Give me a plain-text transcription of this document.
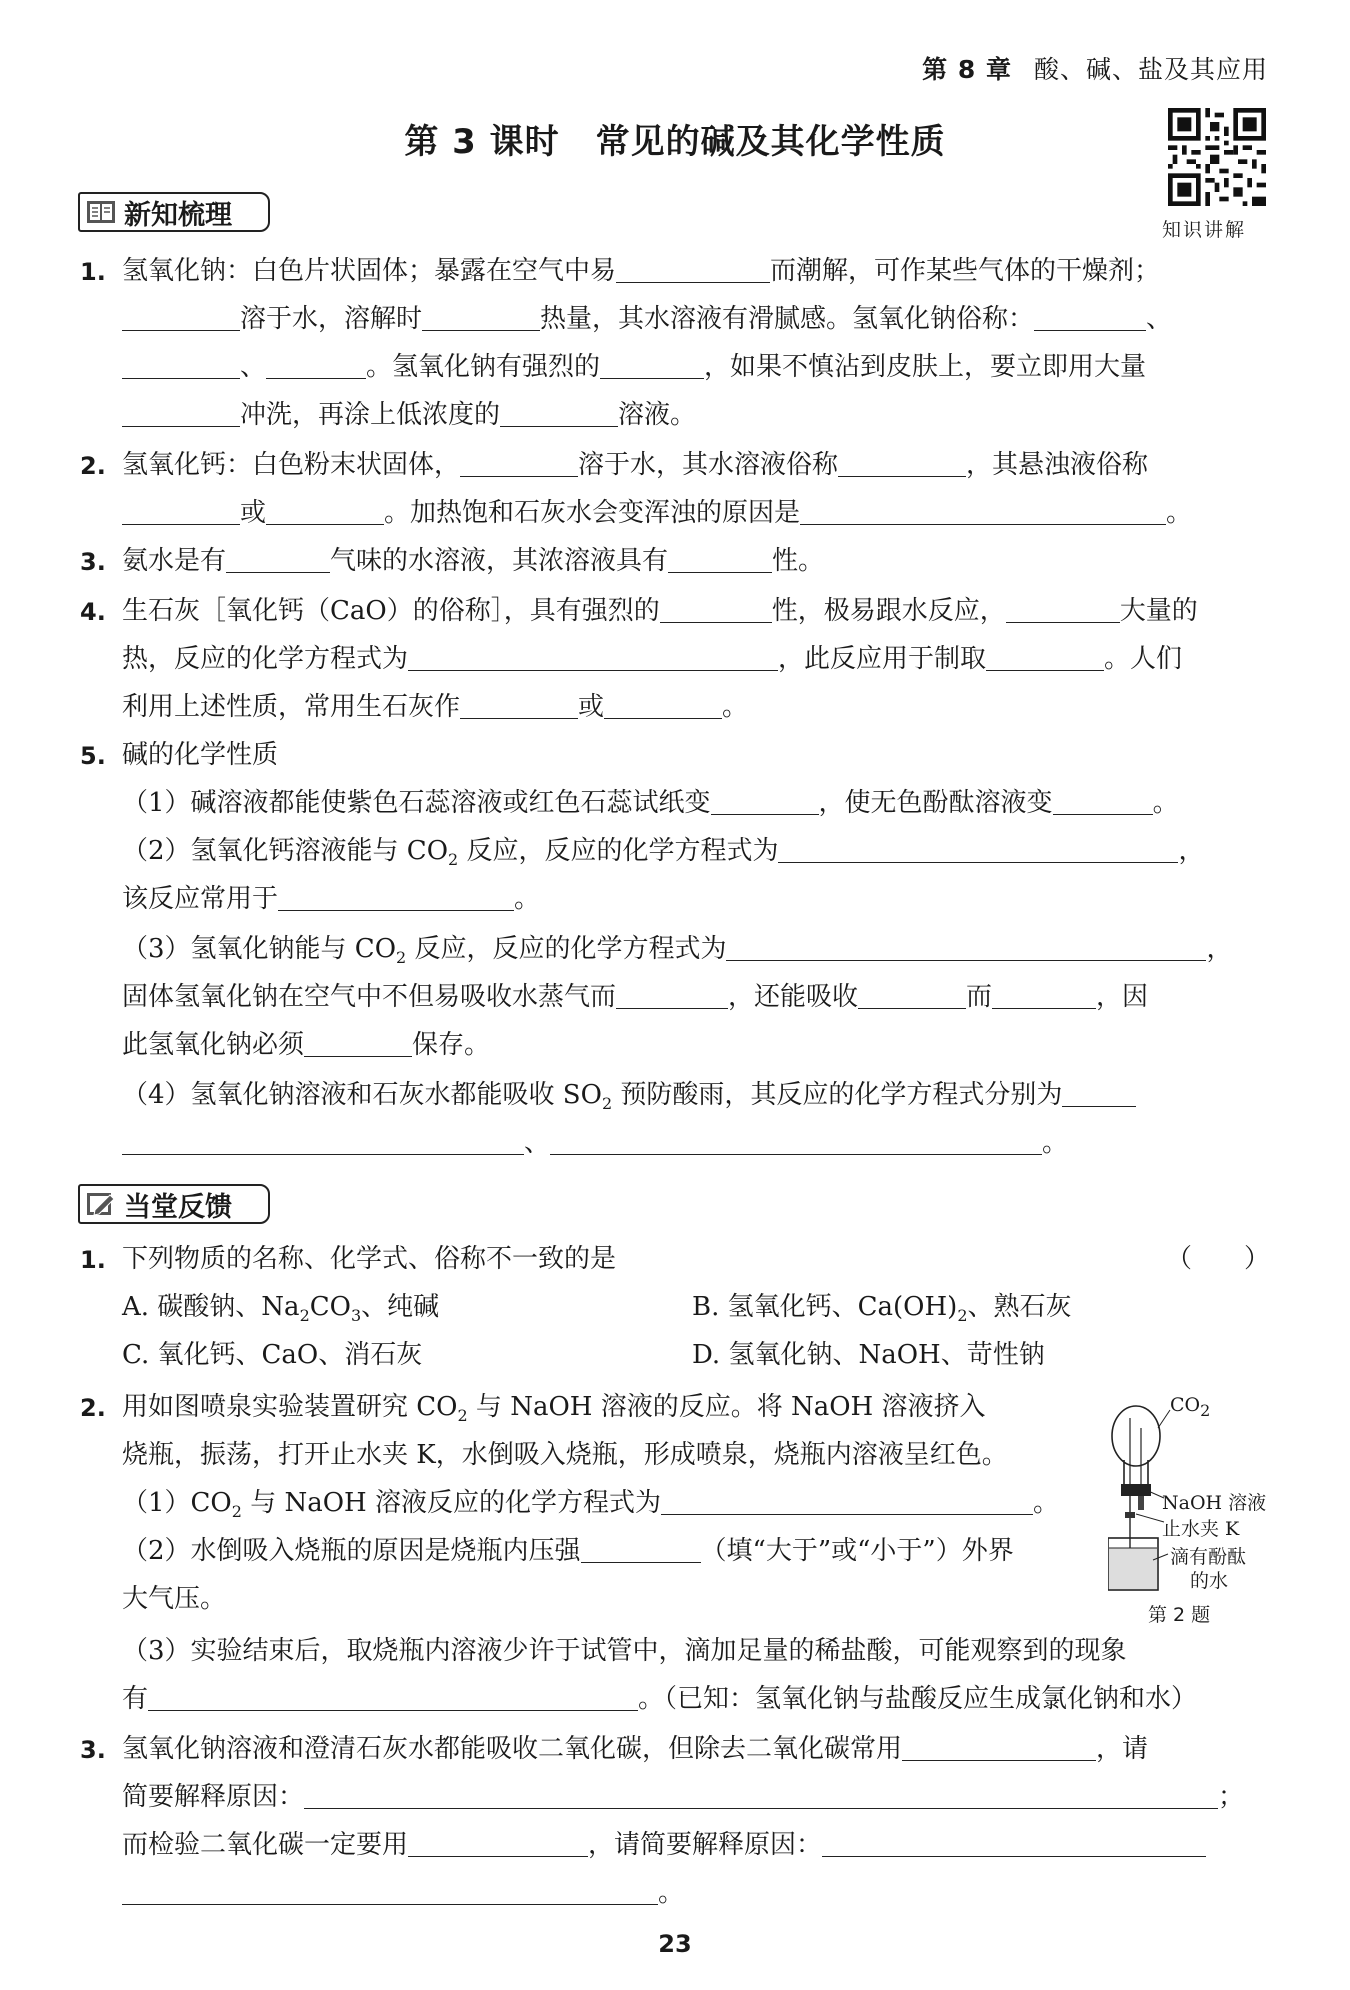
第 8 章 酸、碱、盐及其应用
第 3 课时 常见的碱及其化学性质
知识讲解
新知梳理
1. 氢氧化钠：白色片状固体；暴露在空气中易	而潮解，可作某些气体的干燥剂；
溶于水，溶解时	热量，其水溶液有滑腻感。氢氧化钠俗称：	、
、	。氢氧化钠有强烈的	，如果不慎沾到皮肤上，要立即用大量
冲洗，再涂上低浓度的	溶液。
2. 氢氧化钙：白色粉末状固体，	溶于水，其水溶液俗称	，其悬浊液俗称
或	。加热饱和石灰水会变浑浊的原因是	。
3. 氨水是有	气味的水溶液，其浓溶液具有	性。
4. 生石灰［氧化钙（CaO）的俗称］，具有强烈的	性，极易跟水反应，	大量的
热，反应的化学方程式为	，此反应用于制取	。人们
利用上述性质，常用生石灰作	或	。
5. 碱的化学性质
（1）碱溶液都能使紫色石蕊溶液或红色石蕊试纸变	，使无色酚酞溶液变	。
（2）氢氧化钙溶液能与 $CO_2$ 反应，反应的化学方程式为	，
该反应常用于	。
（3）氢氧化钠能与 $CO_2$ 反应，反应的化学方程式为	，
固体氢氧化钠在空气中不但易吸收水蒸气而	，还能吸收	而	，因
此氢氧化钠必须	保存。
（4）氢氧化钠溶液和石灰水都能吸收 $SO_2$ 预防酸雨，其反应的化学方程式分别为
、	。
当堂反馈
1. 下列物质的名称、化学式、俗称不一致的是	（　　）
A. 碳酸钠、$Na_2CO_3$、纯碱	B. 氢氧化钙、$Ca(OH)_2$、熟石灰
C. 氧化钙、CaO、消石灰	D. 氢氧化钠、NaOH、苛性钠
2. 用如图喷泉实验装置研究 $CO_2$ 与 NaOH 溶液的反应。将 NaOH 溶液挤入
烧瓶，振荡，打开止水夹 K，水倒吸入烧瓶，形成喷泉，烧瓶内溶液呈红色。
$(1)CO_2$ 与 NaOH 溶液反应的化学方程式为	。
（2）水倒吸入烧瓶的原因是烧瓶内压强	（填“大于”或“小于”）外界
大气压。
（3）实验结束后，取烧瓶内溶液少许于试管中，滴加足量的稀盐酸，可能观察到的现象
有	。（已知：氢氧化钠与盐酸反应生成氯化钠和水）
3. 氢氧化钠溶液和澄清石灰水都能吸收二氧化碳，但除去二氧化碳常用	，请
简要解释原因：	；
而检验二氧化碳一定要用	，请简要解释原因：
。
$CO_2$
NaOH 溶液
止水夹 K
滴有酚酞
的水
第 2 题
23
